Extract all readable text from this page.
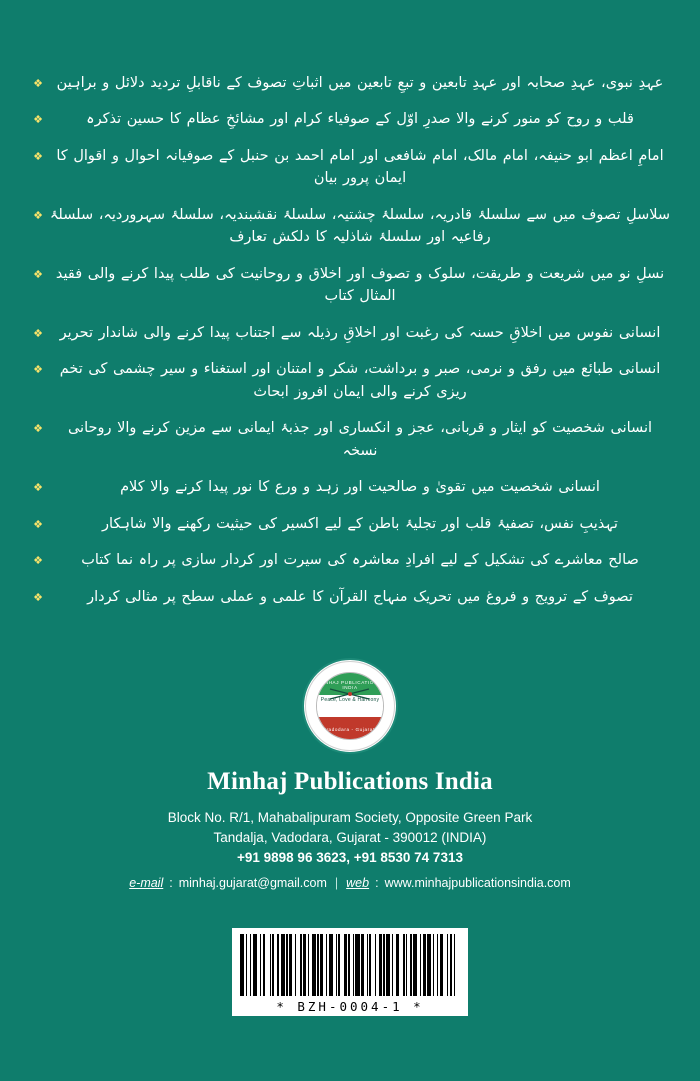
❖ عہدِ نبوی، عہدِ صحابہ اور عہدِ تابعین و تبعِ تابعین میں اثباتِ تصوف کے ناقابلِ تردید دلائل و براہین
❖	قلب و روح کو منور کرنے والا صدرِ اوّل کے صوفیاء کرام اور مشائخِ عظام کا حسین تذکرہ
❖ امامِ اعظم ابو حنیفہ، امام مالک، امام شافعی اور امام احمد بن حنبل کے صوفیانہ احوال و اقوال کا ایمان پرور بیان
❖ سلاسلِ تصوف میں سے سلسلۂ قادریہ، سلسلۂ چشتیہ، سلسلۂ نقشبندیہ، سلسلۂ سہروردیہ، سلسلۂ رفاعیہ اور سلسلۂ شاذلیہ کا دلکش تعارف
❖ نسلِ نو میں شریعت و طریقت، سلوک و تصوف اور اخلاق و روحانیت کی طلب پیدا کرنے والی فقید المثال کتاب
❖	انسانی نفوس میں اخلاقِ حسنہ کی رغبت اور اخلاقِ رذیلہ سے اجتناب پیدا کرنے والی شاندار تحریر
❖	انسانی طبائع میں رفق و نرمی، صبر و برداشت، شکر و امتنان اور استغناء و سیر چشمی کی تخم ریزی کرنے والی ایمان افروز ابحاث
❖	انسانی شخصیت کو ایثار و قربانی، عجز و انکساری اور جذبۂ ایمانی سے مزین کرنے والا روحانی نسخہ
❖	انسانی شخصیت میں تقویٰ و صالحیت اور زہد و ورع کا نور پیدا کرنے والا کلام
❖	تہذیبِ نفس، تصفیۂ قلب اور تجلیۂ باطن کے لیے اکسیر کی حیثیت رکھنے والا شاہکار
❖	صالح معاشرے کی تشکیل کے لیے افرادِ معاشرہ کی سیرت اور کردار سازی پر راہ نما کتاب
❖	تصوف کے ترویج و فروغ میں تحریک منہاج القرآن کا علمی و عملی سطح پر مثالی کردار
MINHAJ PUBLICATIONS INDIA
Peace, Love & Harmony
Vadodara - Gujarat
Minhaj Publications India
Block No. R/1, Mahabalipuram Society, Opposite Green Park
Tandalja, Vadodara, Gujarat - 390012 (INDIA)
+91 9898 96 3623, +91 8530 74 7313
e-mail : minhaj.gujarat@gmail.com | web : www.minhajpublicationsindia.com
* BZH-0004-1 *
